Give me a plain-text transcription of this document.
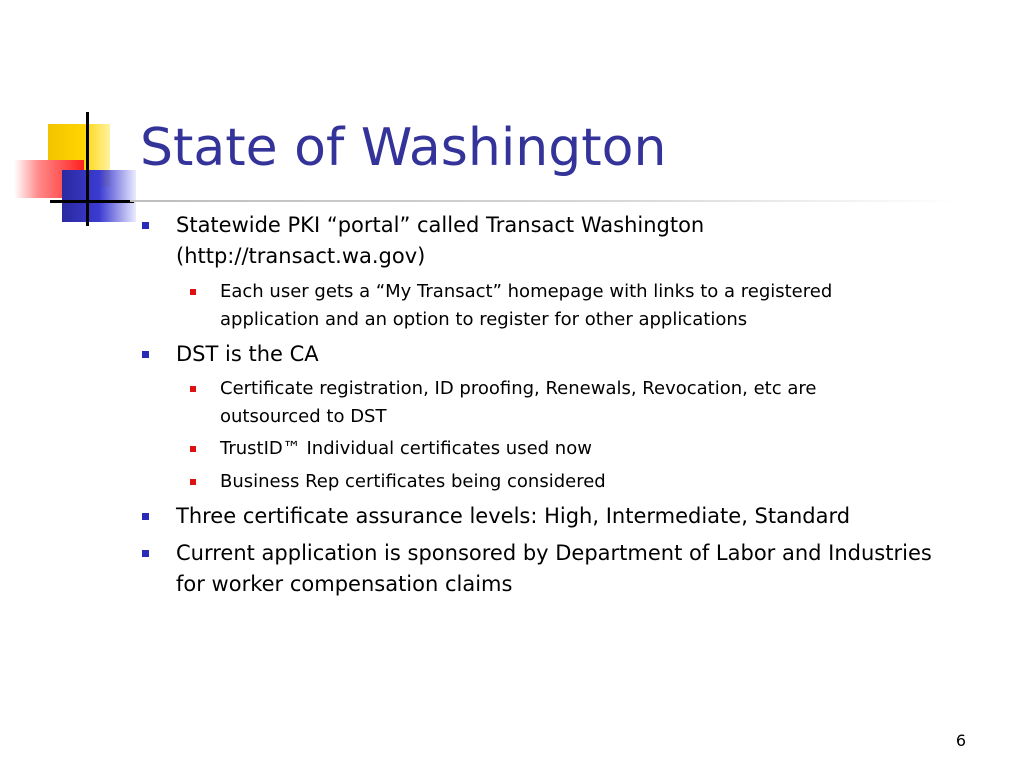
State of Washington
Statewide PKI “portal” called Transact Washington (http://transact.wa.gov)
Each user gets a “My Transact” homepage with links to a registered application and an option to register for other applications
DST is the CA
Certificate registration, ID proofing, Renewals, Revocation, etc are outsourced to DST
TrustID™ Individual certificates used now
Business Rep certificates being considered
Three certificate assurance levels: High, Intermediate, Standard
Current application is sponsored by Department of Labor and Industries for worker compensation claims
6
